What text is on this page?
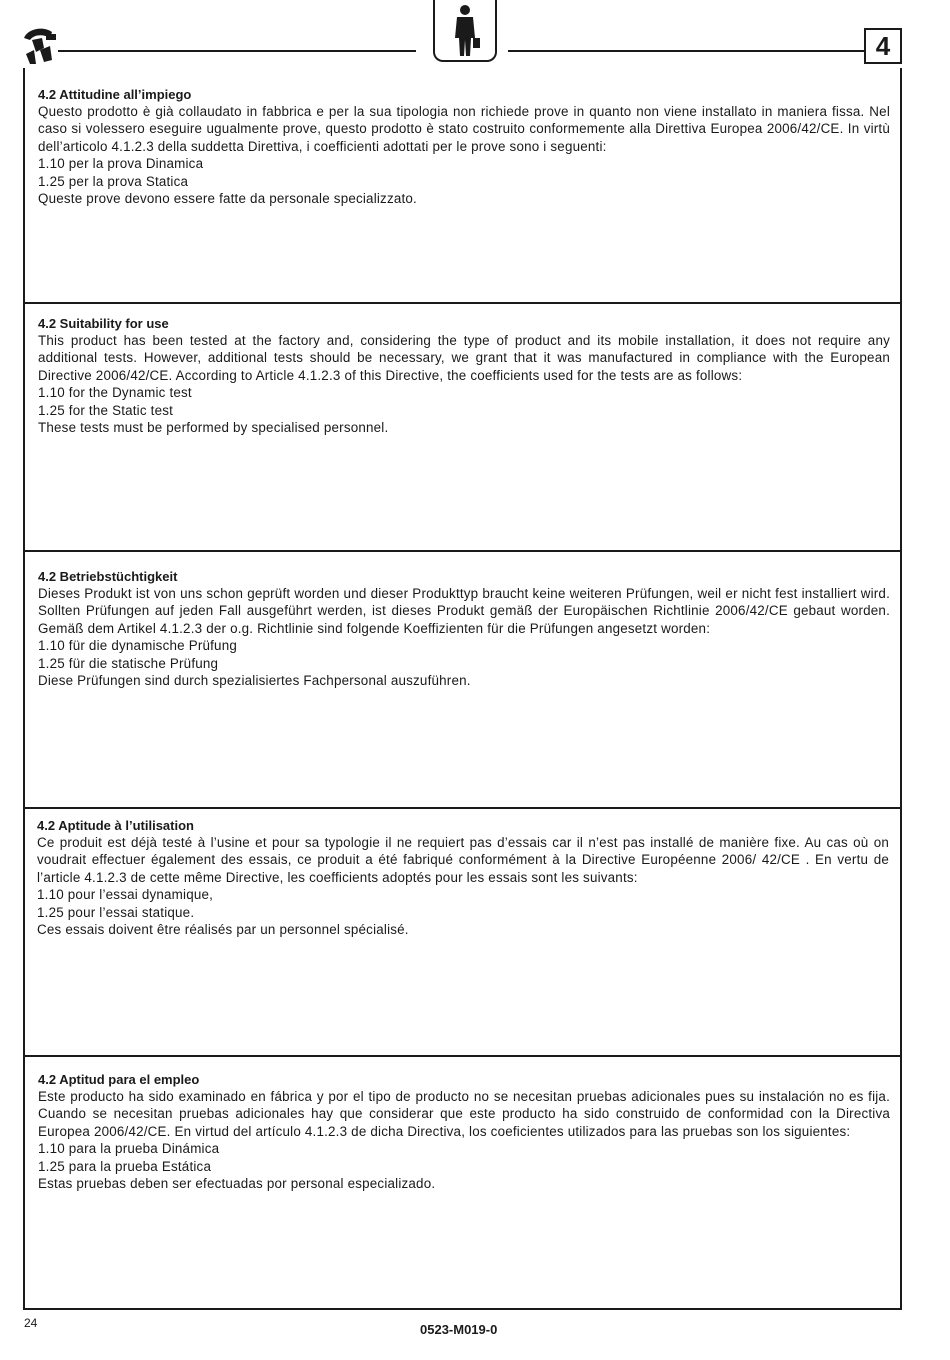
4
4.2 Attitudine all’impiego

Questo prodotto è già collaudato in fabbrica e per la sua tipologia non richiede prove in quanto non viene installato in maniera fissa. Nel caso si volessero eseguire ugualmente prove, questo prodotto è stato costruito conformemente alla Direttiva Europea 2006/42/CE. In virtù dell’articolo 4.1.2.3 della suddetta Direttiva, i coefficienti adottati per le prove sono i seguenti:

1.10 per la prova Dinamica
1.25 per la prova Statica
Queste prove devono essere fatte da personale specializzato.
4.2 Suitability for use

This product has been tested at the factory and, considering the type of product and its mobile installation, it does not require any additional tests. However, additional tests should be necessary, we grant that it was manufactured in compliance with the European Directive 2006/42/CE. According to Article 4.1.2.3 of this Directive, the coefficients used for the tests are as follows:

1.10 for the Dynamic test
1.25 for the Static test
These tests must be performed by specialised personnel.
4.2 Betriebstüchtigkeit

Dieses Produkt ist von uns schon geprüft worden und dieser Produkttyp braucht keine weiteren Prüfungen, weil er nicht fest installiert wird. Sollten Prüfungen auf jeden Fall ausgeführt werden, ist dieses Produkt gemäß der Europäischen Richtlinie 2006/42/CE gebaut worden. Gemäß dem Artikel 4.1.2.3 der o.g. Richtlinie sind folgende Koeffizienten für die Prüfungen angesetzt worden:

1.10 für die dynamische Prüfung
1.25 für die statische Prüfung
Diese Prüfungen sind durch spezialisiertes Fachpersonal auszuführen.
4.2 Aptitude à l’utilisation

Ce produit est déjà testé à l’usine et pour sa typologie il ne requiert pas d’essais car il n’est pas installé de manière fixe. Au cas où on voudrait effectuer également des essais, ce produit a été fabriqué conformément à la Directive Européenne 2006/ 42/CE . En vertu de l’article 4.1.2.3 de cette même Directive, les coefficients adoptés pour les essais sont les suivants:

1.10 pour l’essai dynamique,
1.25 pour l’essai statique.
Ces essais doivent être réalisés par un personnel spécialisé.
4.2 Aptitud para el empleo

Este producto ha sido examinado en fábrica y por el tipo de producto no se necesitan pruebas adicionales pues su instalación no es fija. Cuando se necesitan pruebas adicionales hay que considerar que este producto ha sido construido de conformidad con la Directiva Europea 2006/42/CE. En virtud del artículo 4.1.2.3 de dicha Directiva, los coeficientes utilizados para las pruebas son los siguientes:

1.10 para la prueba Dinámica
1.25 para la prueba Estática
Estas pruebas deben ser efectuadas por personal especializado.
24	0523-M019-0
